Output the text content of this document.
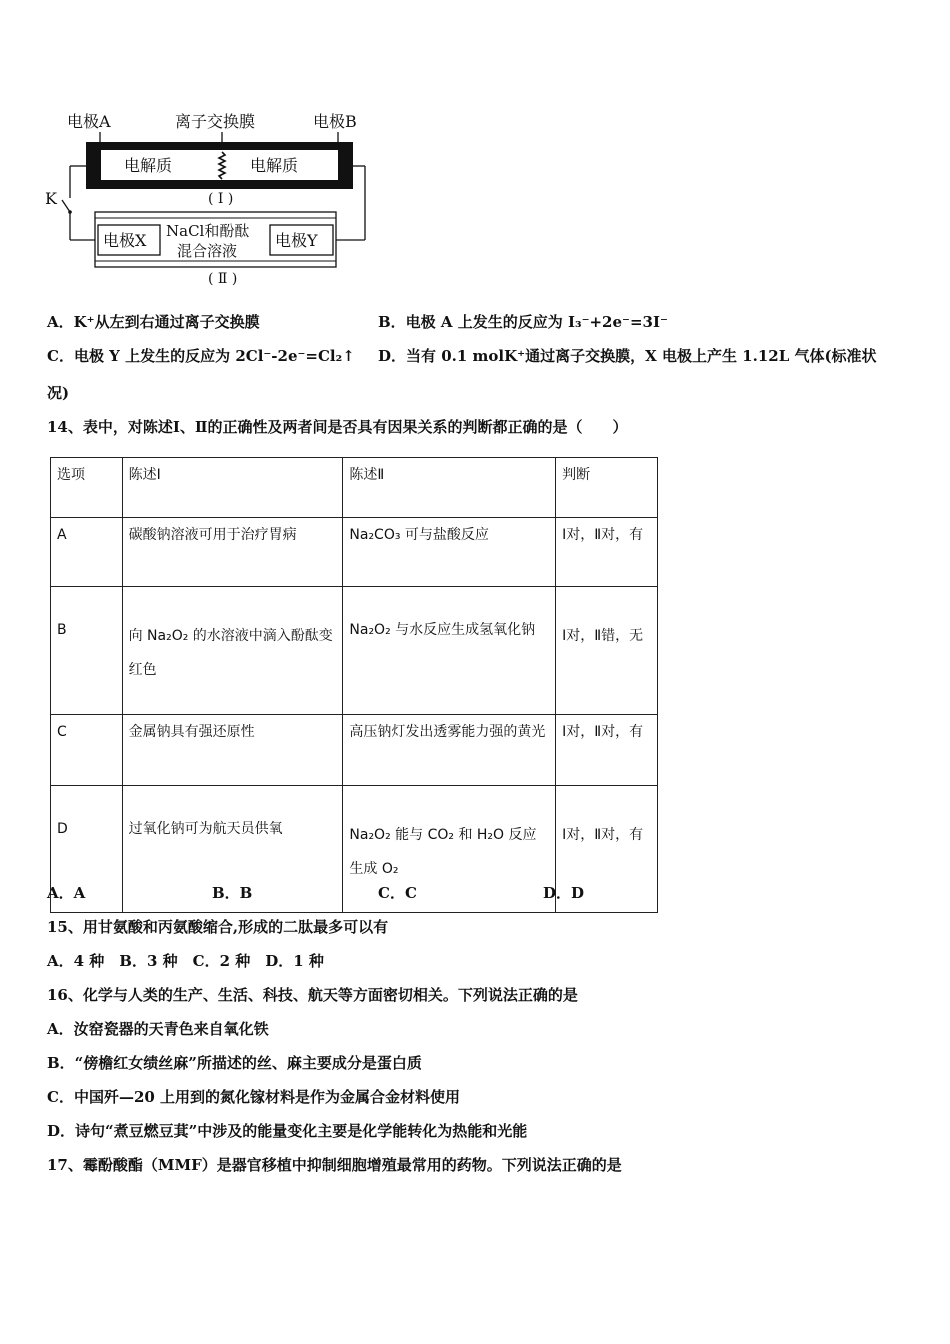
电极A	离子交换膜	电极B
电解质	电解质
( I )
K
电极X	电极Y
NaCl和酚酞
混合溶液
( Ⅱ )
A．K⁺从左到右通过离子交换膜	B．电极 A 上发生的反应为 I₃⁻+2e⁻=3I⁻
C．电极 Y 上发生的反应为 2Cl⁻-2e⁻=Cl₂↑ D．当有 0.1 molK⁺通过离子交换膜，X 电极上产生 1.12L 气体(标准状
况)
14、表中，对陈述Ⅰ、Ⅱ的正确性及两者间是否具有因果关系的判断都正确的是（　　）
选项	陈述Ⅰ	陈述Ⅱ	判断
A	碳酸钠溶液可用于治疗胃病	Na₂CO₃ 可与盐酸反应	Ⅰ对，Ⅱ对，有
B	向 Na₂O₂ 的水溶液中滴入酚酞变红色	Na₂O₂ 与水反应生成氢氧化钠	Ⅰ对，Ⅱ错，无
C	金属钠具有强还原性	高压钠灯发出透雾能力强的黄光	Ⅰ对，Ⅱ对，有
D	过氧化钠可为航天员供氧	Na₂O₂ 能与 CO₂ 和 H₂O 反应生成 O₂	Ⅰ对，Ⅱ对，有
A．A	B．B	C．C	D．D
15、用甘氨酸和丙氨酸缩合,形成的二肽最多可以有
A．4 种　B．3 种　C．2 种　D．1 种
16、化学与人类的生产、生活、科技、航天等方面密切相关。下列说法正确的是
A．汝窑瓷器的天青色来自氧化铁
B．“傍檐红女绩丝麻”所描述的丝、麻主要成分是蛋白质
C．中国歼—20 上用到的氮化镓材料是作为金属合金材料使用
D．诗句“煮豆燃豆萁”中涉及的能量变化主要是化学能转化为热能和光能
17、霉酚酸酯（MMF）是器官移植中抑制细胞增殖最常用的药物。下列说法正确的是
